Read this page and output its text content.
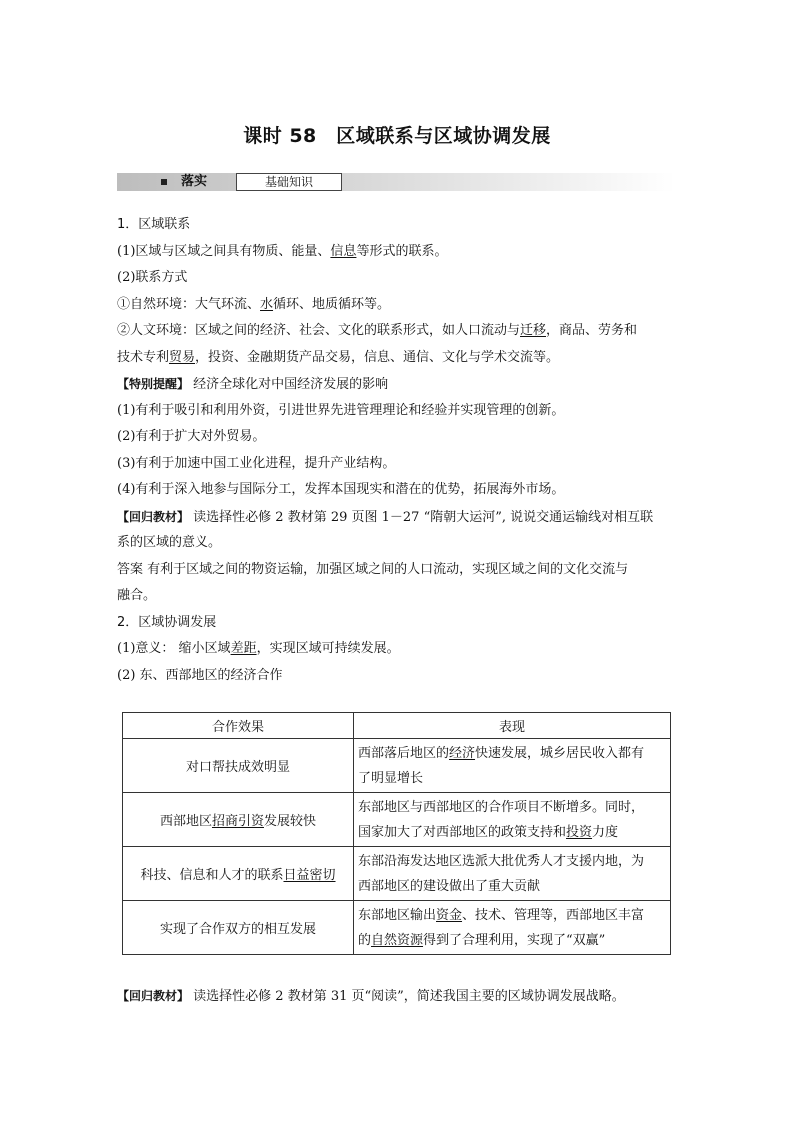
课时 58　区域联系与区域协调发展
落实	基础知识
1．区域联系
(1)区域与区域之间具有物质、能量、信息等形式的联系。
(2)联系方式
①自然环境：大气环流、水循环、地质循环等。
②人文环境：区域之间的经济、社会、文化的联系形式，如人口流动与迁移，商品、劳务和
技术专利贸易，投资、金融期货产品交易，信息、通信、文化与学术交流等。
【特别提醒】 经济全球化对中国经济发展的影响
(1)有利于吸引和利用外资，引进世界先进管理理论和经验并实现管理的创新。
(2)有利于扩大对外贸易。
(3)有利于加速中国工业化进程，提升产业结构。
(4)有利于深入地参与国际分工，发挥本国现实和潜在的优势，拓展海外市场。
【回归教材】 读选择性必修 2 教材第 29 页图 1－27 “隋朝大运河”, 说说交通运输线对相互联
系的区域的意义。
答案 有利于区域之间的物资运输，加强区域之间的人口流动，实现区域之间的文化交流与
融合。
2．区域协调发展
(1)意义： 缩小区域差距，实现区域可持续发展。
(2) 东、西部地区的经济合作
合作效果	表现
对口帮扶成效明显	西部落后地区的经济快速发展，城乡居民收入都有
了明显增长

西部地区招商引资发展较快	东部地区与西部地区的合作项目不断增多。同时，
国家加大了对西部地区的政策支持和投资力度

科技、信息和人才的联系日益密切	东部沿海发达地区选派大批优秀人才支援内地，为
西部地区的建设做出了重大贡献

实现了合作双方的相互发展	东部地区输出资金、技术、管理等，西部地区丰富
的自然资源得到了合理利用，实现了“双赢”
【回归教材】 读选择性必修 2 教材第 31 页“阅读”，简述我国主要的区域协调发展战略。
